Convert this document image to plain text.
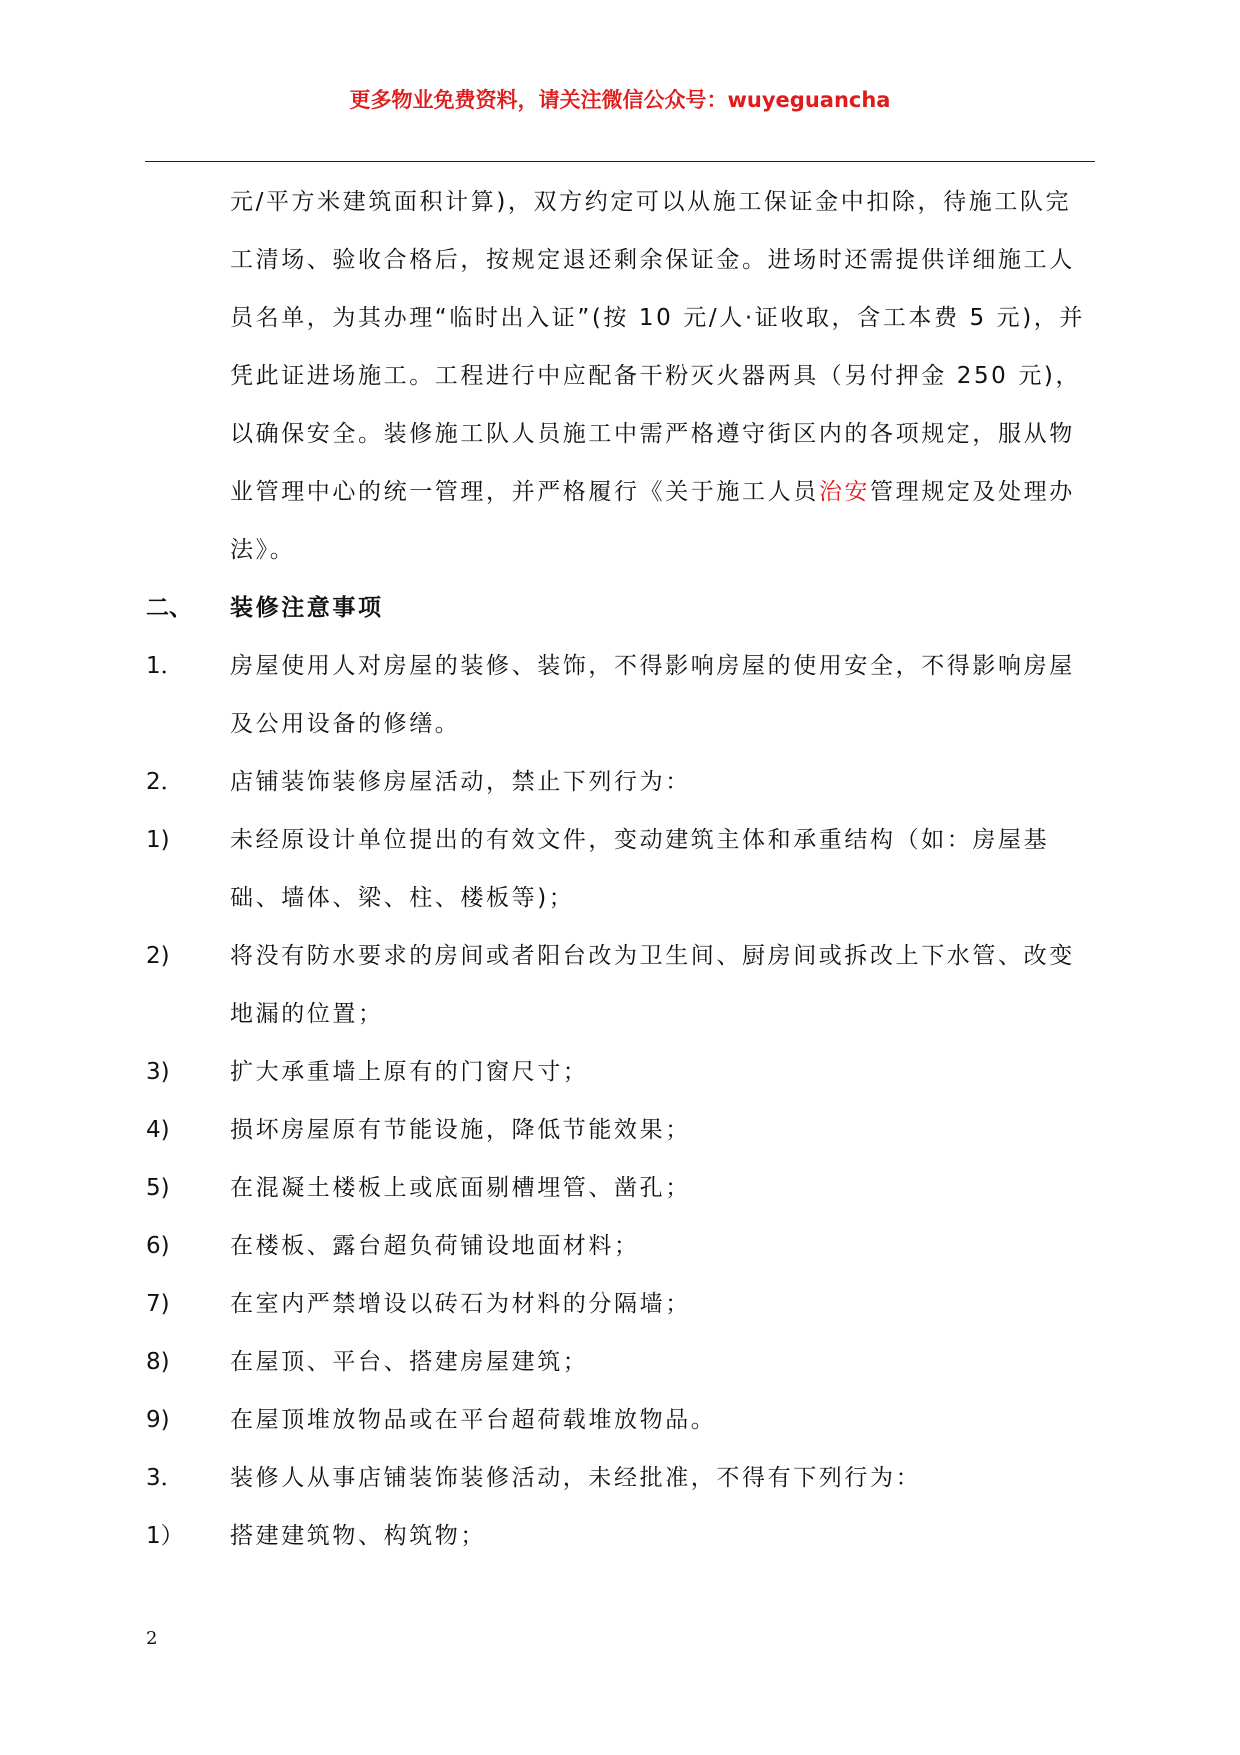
更多物业免费资料，请关注微信公众号：wuyeguancha
元/平方米建筑面积计算)，双方约定可以从施工保证金中扣除，待施工队完工清场、验收合格后，按规定退还剩余保证金。进场时还需提供详细施工人员名单，为其办理“临时出入证”(按 10 元/人·证收取，含工本费 5 元)，并凭此证进场施工。工程进行中应配备干粉灭火器两具（另付押金 250 元)，以确保安全。装修施工队人员施工中需严格遵守街区内的各项规定，服从物业管理中心的统一管理，并严格履行《关于施工人员治安管理规定及处理办法》。
二、	装修注意事项
1．	房屋使用人对房屋的装修、装饰，不得影响房屋的使用安全，不得影响房屋及公用设备的修缮。
2．	店铺装饰装修房屋活动，禁止下列行为：
1)	未经原设计单位提出的有效文件，变动建筑主体和承重结构（如：房屋基础、墙体、梁、柱、楼板等)；
2)	将没有防水要求的房间或者阳台改为卫生间、厨房间或拆改上下水管、改变地漏的位置；
3)	扩大承重墙上原有的门窗尺寸；
4)	损坏房屋原有节能设施，降低节能效果；
5)	在混凝土楼板上或底面剔槽埋管、凿孔；
6)	在楼板、露台超负荷铺设地面材料；
7)	在室内严禁增设以砖石为材料的分隔墙；
8)	在屋顶、平台、搭建房屋建筑；
9)	在屋顶堆放物品或在平台超荷载堆放物品。
3．	装修人从事店铺装饰装修活动，未经批准，不得有下列行为：
1）	搭建建筑物、构筑物；
2
